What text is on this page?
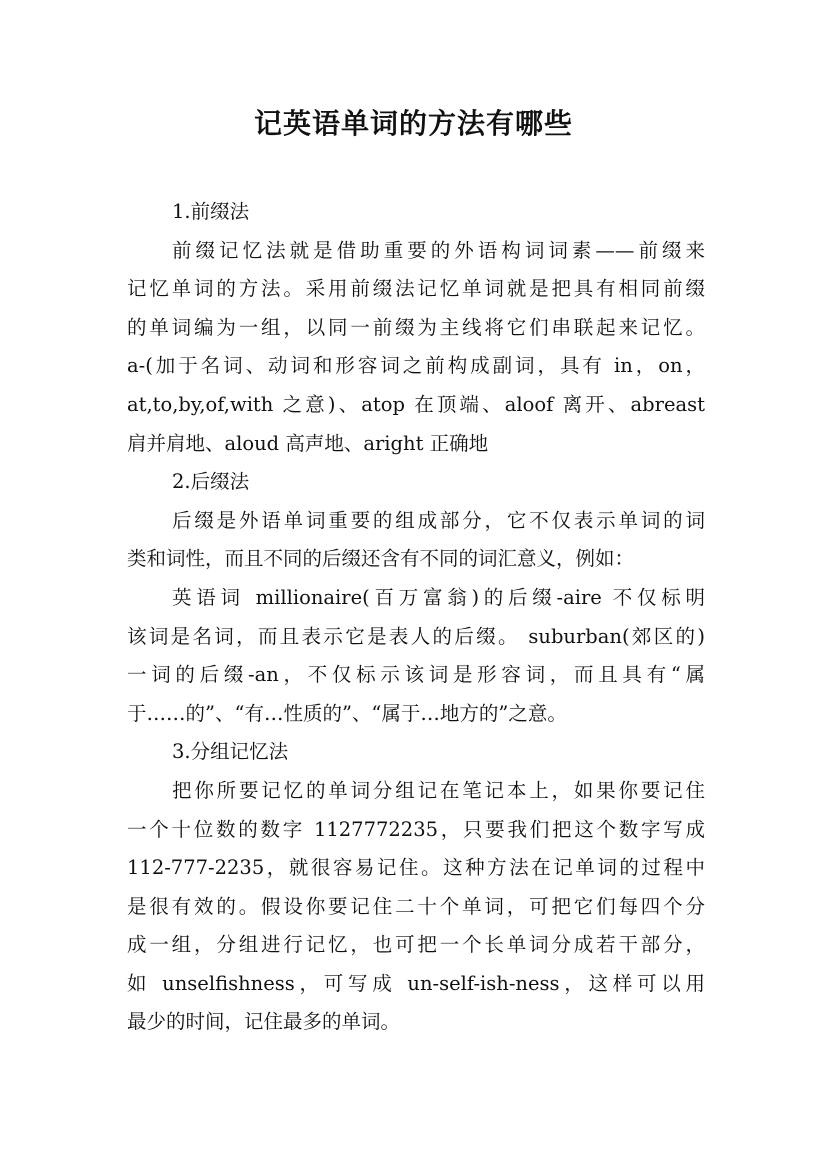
记英语单词的方法有哪些
1.前缀法
前缀记忆法就是借助重要的外语构词词素——前缀来
记忆单词的方法。采用前缀法记忆单词就是把具有相同前缀
的单词编为一组，以同一前缀为主线将它们串联起来记忆。
a-(加于名词、动词和形容词之前构成副词，具有 in，on，
at,to,by,of,with 之意)、atop 在顶端、aloof 离开、abreast
肩并肩地、aloud 高声地、aright 正确地
2.后缀法
后缀是外语单词重要的组成部分，它不仅表示单词的词
类和词性，而且不同的后缀还含有不同的词汇意义，例如：
英语词 millionaire(百万富翁)的后缀-aire 不仅标明
该词是名词，而且表示它是表人的后缀。 suburban(郊区的)
一词的后缀-an，不仅标示该词是形容词，而且具有“属
于……的”、“有…性质的”、“属于…地方的”之意。
3.分组记忆法
把你所要记忆的单词分组记在笔记本上，如果你要记住
一个十位数的数字 1127772235，只要我们把这个数字写成
112-777-2235，就很容易记住。这种方法在记单词的过程中
是很有效的。假设你要记住二十个单词，可把它们每四个分
成一组，分组进行记忆，也可把一个长单词分成若干部分，
如 unselfishness，可写成 un-self-ish-ness，这样可以用
最少的时间，记住最多的单词。
